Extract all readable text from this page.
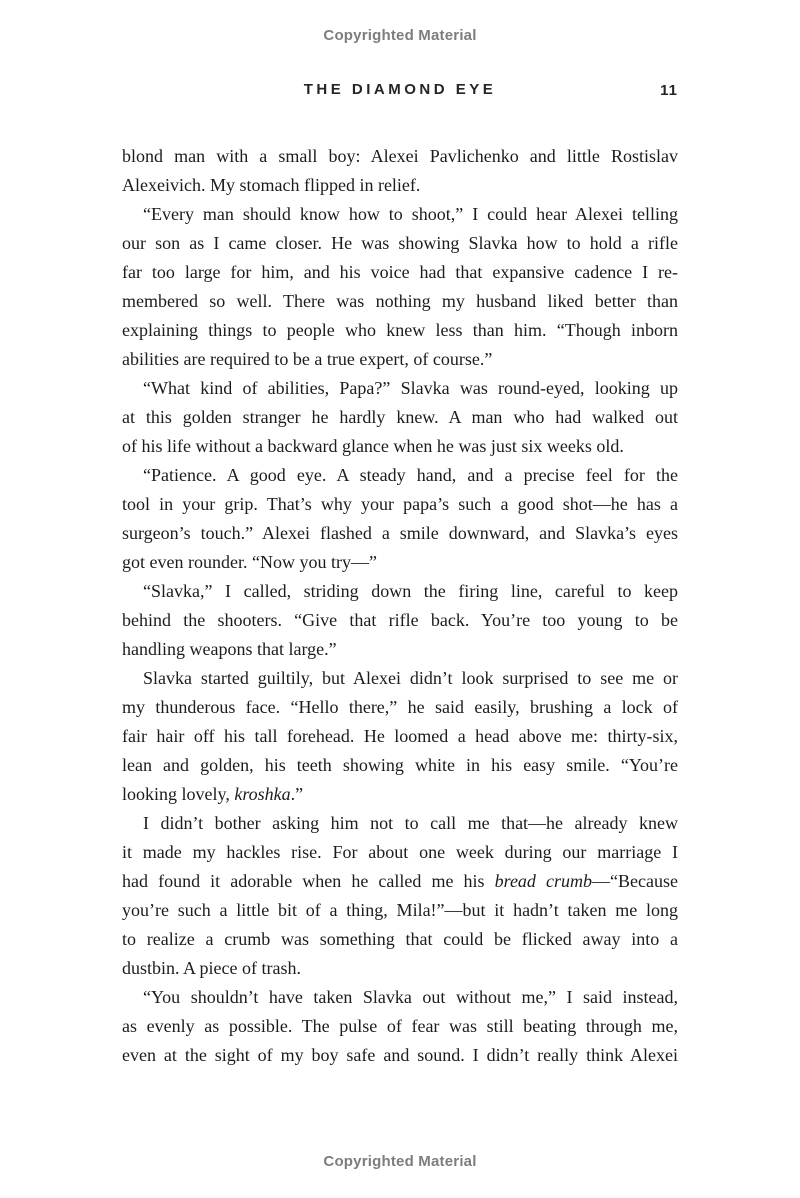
Copyrighted Material
THE DIAMOND EYE	11
blond man with a small boy: Alexei Pavlichenko and little Rostislav
Alexeivich. My stomach flipped in relief.
“Every man should know how to shoot,” I could hear Alexei telling
our son as I came closer. He was showing Slavka how to hold a rifle
far too large for him, and his voice had that expansive cadence I re-
membered so well. There was nothing my husband liked better than
explaining things to people who knew less than him. “Though inborn
abilities are required to be a true expert, of course.”
“What kind of abilities, Papa?” Slavka was round-eyed, looking up
at this golden stranger he hardly knew. A man who had walked out
of his life without a backward glance when he was just six weeks old.
“Patience. A good eye. A steady hand, and a precise feel for the
tool in your grip. That’s why your papa’s such a good shot—he has a
surgeon’s touch.” Alexei flashed a smile downward, and Slavka’s eyes
got even rounder. “Now you try—”
“Slavka,” I called, striding down the firing line, careful to keep
behind the shooters. “Give that rifle back. You’re too young to be
handling weapons that large.”
Slavka started guiltily, but Alexei didn’t look surprised to see me or
my thunderous face. “Hello there,” he said easily, brushing a lock of
fair hair off his tall forehead. He loomed a head above me: thirty-six,
lean and golden, his teeth showing white in his easy smile. “You’re
looking lovely, kroshka.”
I didn’t bother asking him not to call me that—he already knew
it made my hackles rise. For about one week during our marriage I
had found it adorable when he called me his bread crumb—“Because
you’re such a little bit of a thing, Mila!”—but it hadn’t taken me long
to realize a crumb was something that could be flicked away into a
dustbin. A piece of trash.
“You shouldn’t have taken Slavka out without me,” I said instead,
as evenly as possible. The pulse of fear was still beating through me,
even at the sight of my boy safe and sound. I didn’t really think Alexei
Copyrighted Material
